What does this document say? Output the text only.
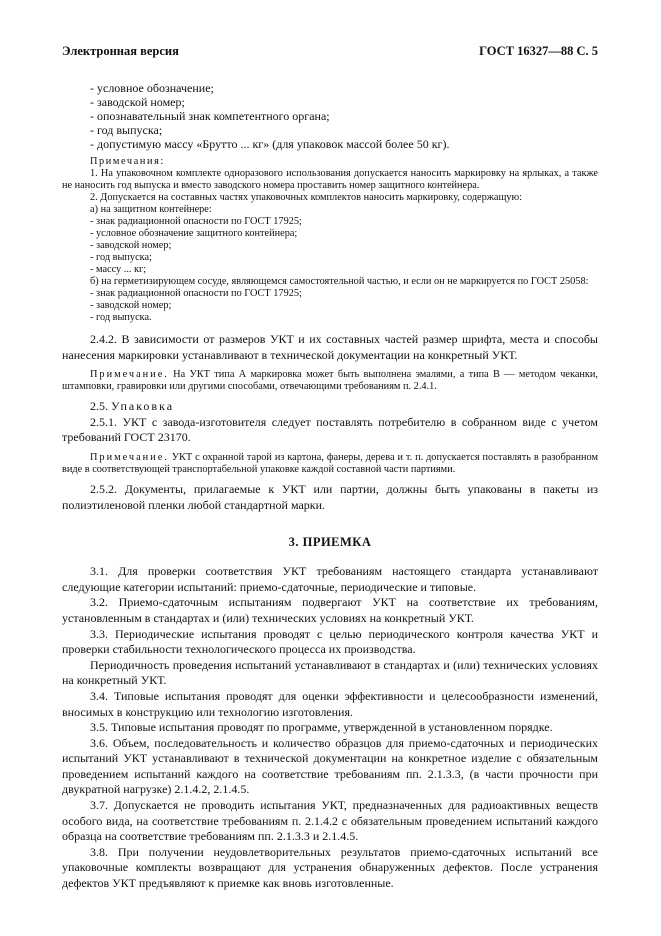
Электронная версия	ГОСТ 16327—88 С. 5
- условное обозначение;
- заводской номер;
- опознавательный знак компетентного органа;
- год выпуска;
- допустимую массу «Брутто ... кг» (для упаковок массой более 50 кг).
Примечания:
1. На упаковочном комплекте одноразового использования допускается наносить маркировку на ярлыках, а также не наносить год выпуска и вместо заводского номера проставить номер защитного контейнера.
2. Допускается на составных частях упаковочных комплектов наносить маркировку, содержащую:
а) на защитном контейнере:
- знак радиационной опасности по ГОСТ 17925;
- условное обозначение защитного контейнера;
- заводской номер;
- год выпуска;
- массу ... кг;
б) на герметизирующем сосуде, являющемся самостоятельной частью, и если он не маркируется по ГОСТ 25058:
- знак радиационной опасности по ГОСТ 17925;
- заводской номер;
- год выпуска.
2.4.2. В зависимости от размеров УКТ и их составных частей размер шрифта, места и способы нанесения маркировки устанавливают в технической документации на конкретный УКТ.
Примечание. На УКТ типа А маркировка может быть выполнена эмалями, а типа В — методом чеканки, штамповки, гравировки или другими способами, отвечающими требованиям п. 2.4.1.
2.5. Упаковка
2.5.1. УКТ с завода-изготовителя следует поставлять потребителю в собранном виде с учетом требований ГОСТ 23170.
Примечание. УКТ с охранной тарой из картона, фанеры, дерева и т. п. допускается поставлять в разобранном виде в соответствующей транспортабельной упаковке каждой составной части партиями.
2.5.2. Документы, прилагаемые к УКТ или партии, должны быть упакованы в пакеты из полиэтиленовой пленки любой стандартной марки.
3. ПРИЕМКА
3.1. Для проверки соответствия УКТ требованиям настоящего стандарта устанавливают следующие категории испытаний: приемо-сдаточные, периодические и типовые.
3.2. Приемо-сдаточным испытаниям подвергают УКТ на соответствие их требованиям, установленным в стандартах и (или) технических условиях на конкретный УКТ.
3.3. Периодические испытания проводят с целью периодического контроля качества УКТ и проверки стабильности технологического процесса их производства.
Периодичность проведения испытаний устанавливают в стандартах и (или) технических условиях на конкретный УКТ.
3.4. Типовые испытания проводят для оценки эффективности и целесообразности изменений, вносимых в конструкцию или технологию изготовления.
3.5. Типовые испытания проводят по программе, утвержденной в установленном порядке.
3.6. Объем, последовательность и количество образцов для приемо-сдаточных и периодических испытаний УКТ устанавливают в технической документации на конкретное изделие с обязательным проведением испытаний каждого на соответствие требованиям пп. 2.1.3.3, (в части прочности при двукратной нагрузке) 2.1.4.2, 2.1.4.5.
3.7. Допускается не проводить испытания УКТ, предназначенных для радиоактивных веществ особого вида, на соответствие требованиям п. 2.1.4.2 с обязательным проведением испытаний каждого образца на соответствие требованиям пп. 2.1.3.3 и 2.1.4.5.
3.8. При получении неудовлетворительных результатов приемо-сдаточных испытаний все упаковочные комплекты возвращают для устранения обнаруженных дефектов. После устранения дефектов УКТ предъявляют к приемке как вновь изготовленные.
